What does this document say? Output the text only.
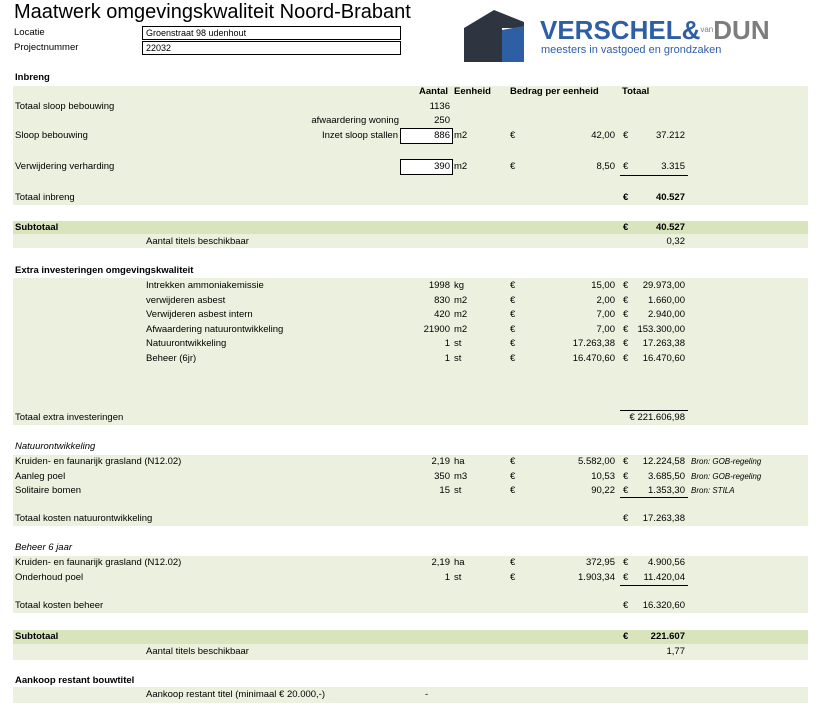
Maatwerk omgevingskwaliteit Noord-Brabant
Locatie	Groenstraat 98 udenhout
Projectnummer	22032
VERSCHEL&$^{van}$DUN
meesters in vastgoed en grondzaken
Inbreng
Aantal Eenheid Bedrag per eenheid Totaal
Totaal sloop bebouwing	1136
afwaardering woning	250
Sloop bebouwing	Inzet sloop stallen	886 m2	€	42,00 €	37.212
Verwijdering verharding	390 m2	€	8,50 €	3.315
Totaal inbreng	€	40.527
Subtotaal	€	40.527
Aantal titels beschikbaar	0,32
Extra investeringen omgevingskwaliteit
Intrekken ammoniakemissie	1998 kg	€	15,00 €	29.973,00
verwijderen asbest	830 m2	€	2,00 €	1.660,00
Verwijderen asbest intern	420 m2	€	7,00 €	2.940,00
Afwaardering natuurontwikkeling	21900 m2	€	7,00 € 153.300,00
Natuurontwikkeling	1 st	€	17.263,38 €	17.263,38
Beheer (6jr)	1 st	€	16.470,60 €	16.470,60
Totaal extra investeringen	€ 221.606,98
Natuurontwikkeling
Kruiden- en faunarijk grasland (N12.02)	2,19 ha	€	5.582,00 €	12.224,58 Bron: GOB-regeling
Aanleg poel	350 m3	€	10,53 €	3.685,50 Bron: GOB-regeling
Solitaire bomen	15 st	€	90,22 €	1.353,30 Bron: STILA
Totaal kosten natuurontwikkeling	€	17.263,38
Beheer 6 jaar
Kruiden- en faunarijk grasland (N12.02)	2,19 ha	€	372,95 €	4.900,56
Onderhoud poel	1 st	€	1.903,34 €	11.420,04
Totaal kosten beheer	€	16.320,60
Subtotaal	€	221.607
Aantal titels beschikbaar	1,77
Aankoop restant bouwtitel
Aankoop restant titel (minimaal € 20.000,-)	-
